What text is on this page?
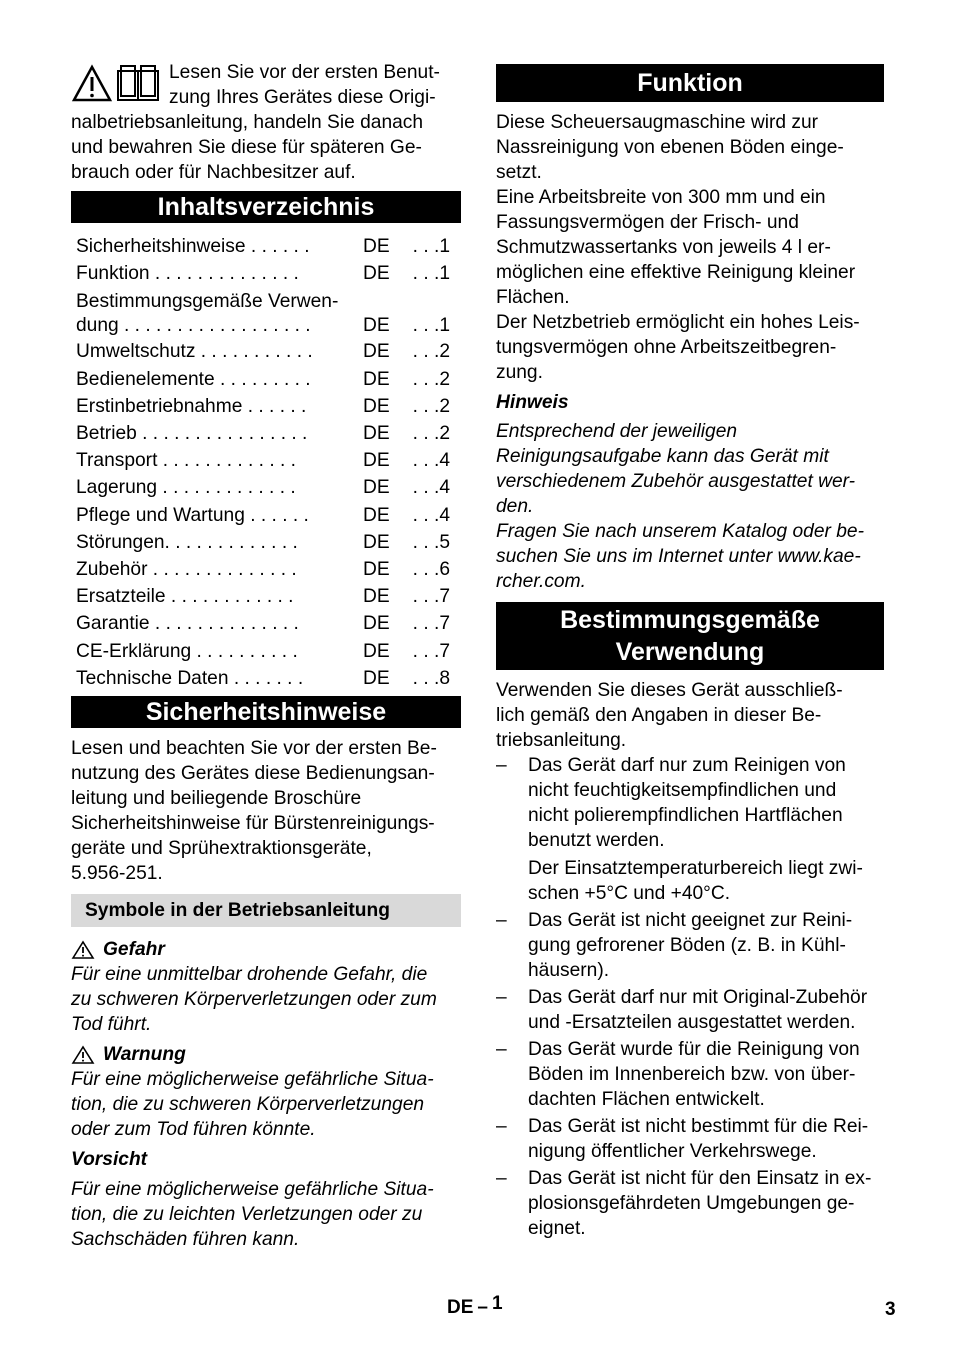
Lesen Sie vor der ersten Benut-

zung Ihres Gerätes diese Origi-

nalbetriebsanleitung, handeln Sie danach

und bewahren Sie diese für späteren Ge-

brauch oder für Nachbesitzer auf.

Inhaltsverzeichnis
Sicherheitshinweise . . . . . .	DE	. . .1
Funktion . . . . . . . . . . . . . .	DE	. . .1
Bestimmungsgemäße Verwen-
dung . . . . . . . . . . . . . . . . . .	DE	. . .1
Umweltschutz . . . . . . . . . . .	DE	. . .2
Bedienelemente . . . . . . . . .	DE	. . .2
Erstinbetriebnahme . . . . . .	DE	. . .2
Betrieb . . . . . . . . . . . . . . . .	DE	. . .2
Transport . . . . . . . . . . . . .	DE	. . .4
Lagerung . . . . . . . . . . . . .	DE	. . .4
Pflege und Wartung . . . . . .	DE	. . .4
Störungen. . . . . . . . . . . . .	DE	. . .5
Zubehör . . . . . . . . . . . . . .	DE	. . .6
Ersatzteile . . . . . . . . . . . .	DE	. . .7
Garantie . . . . . . . . . . . . . .	DE	. . .7
CE-Erklärung . . . . . . . . . .	DE	. . .7
Technische Daten . . . . . . .	DE	. . .8
Sicherheitshinweise

Lesen und beachten Sie vor der ersten Be-

nutzung des Gerätes diese Bedienungsan-

leitung und beiliegende Broschüre

Sicherheitshinweise für Bürstenreinigungs-

geräte und Sprühextraktionsgeräte,

5.956-251.

Symbole in der Betriebsanleitung
Gefahr

Für eine unmittelbar drohende Gefahr, die

zu schweren Körperverletzungen oder zum

Tod führt.

Warnung

Für eine möglicherweise gefährliche Situa-

tion, die zu schweren Körperverletzungen

oder zum Tod führen könnte.

Vorsicht

Für eine möglicherweise gefährliche Situa-

tion, die zu leichten Verletzungen oder zu

Sachschäden führen kann.

Funktion

Diese Scheuersaugmaschine wird zur

Nassreinigung von ebenen Böden einge-

setzt.

Eine Arbeitsbreite von 300 mm und ein

Fassungsvermögen der Frisch- und

Schmutzwassertanks von jeweils 4 l er-

möglichen eine effektive Reinigung kleiner

Flächen.

Der Netzbetrieb ermöglicht ein hohes Leis-

tungsvermögen ohne Arbeitszeitbegren-

zung.

Hinweis

Entsprechend der jeweiligen

Reinigungsaufgabe kann das Gerät mit

verschiedenem Zubehör ausgestattet wer-

den.

Fragen Sie nach unserem Katalog oder be-

suchen Sie uns im Internet unter www.kae-

rcher.com.

Bestimmungsgemäße
Verwendung

Verwenden Sie dieses Gerät ausschließ-

lich gemäß den Angaben in dieser Be-

triebsanleitung.

– Das Gerät darf nur zum Reinigen von
nicht feuchtigkeitsempfindlichen und
nicht polierempfindlichen Hartflächen
benutzt werden.
Der Einsatztemperaturbereich liegt zwi-
schen +5°C und +40°C.
– Das Gerät ist nicht geeignet zur Reini-
gung gefrorener Böden (z. B. in Kühl-
häusern).
– Das Gerät darf nur mit Original-Zubehör
und -Ersatzteilen ausgestattet werden.
– Das Gerät wurde für die Reinigung von
Böden im Innenbereich bzw. von über-
dachten Flächen entwickelt.
– Das Gerät ist nicht bestimmt für die Rei-
nigung öffentlicher Verkehrswege.
– Das Gerät ist nicht für den Einsatz in ex-
plosionsgefährdeten Umgebungen ge-
eignet.
DE – 1	3
